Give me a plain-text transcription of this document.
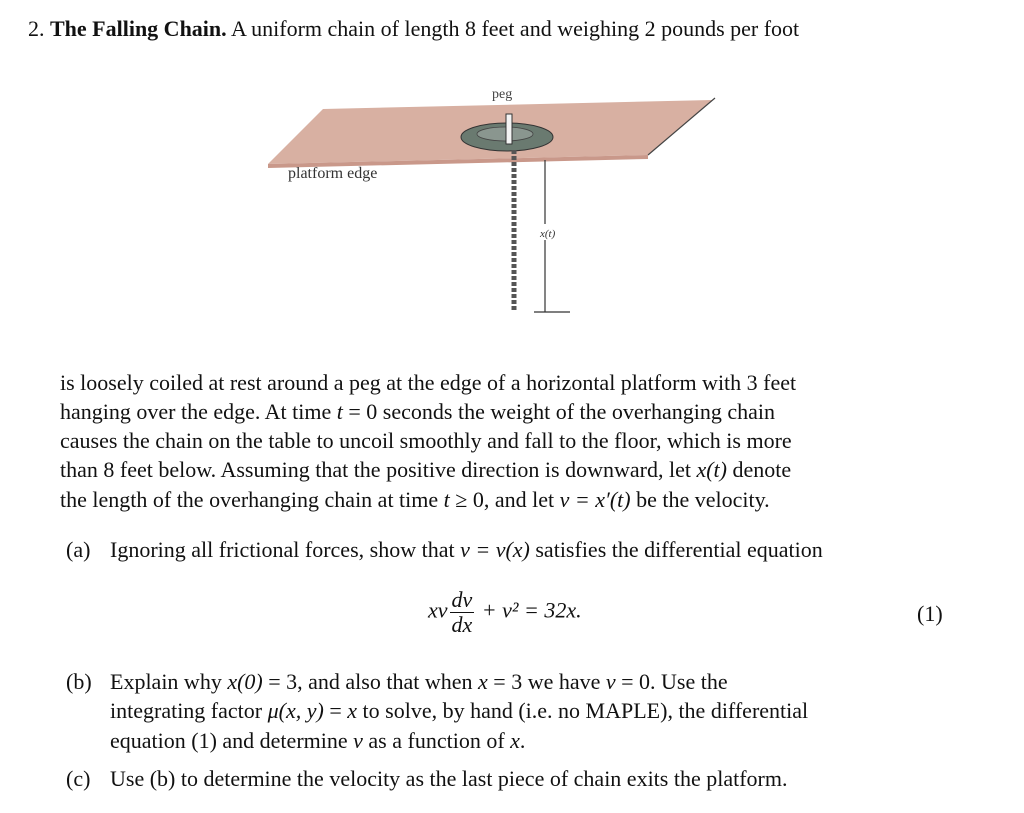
2. The Falling Chain. A uniform chain of length 8 feet and weighing 2 pounds per foot
x(t)
peg
platform edge
is loosely coiled at rest around a peg at the edge of a horizontal platform with 3 feet
hanging over the edge. At time t = 0 seconds the weight of the overhanging chain
causes the chain on the table to uncoil smoothly and fall to the floor, which is more
than 8 feet below. Assuming that the positive direction is downward, let x(t) denote
the length of the overhanging chain at time t ≥ 0, and let v = x′(t) be the velocity.
(a) Ignoring all frictional forces, show that v = v(x) satisfies the differential equation
xv $\frac{dv}{dx} + v^2 = 32x$.	(1)
(b) Explain why x(0) = 3, and also that when x = 3 we have v = 0. Use the
integrating factor μ(x, y) = x to solve, by hand (i.e. no MAPLE), the differential
equation (1) and determine v as a function of x.
(c) Use (b) to determine the velocity as the last piece of chain exits the platform.
